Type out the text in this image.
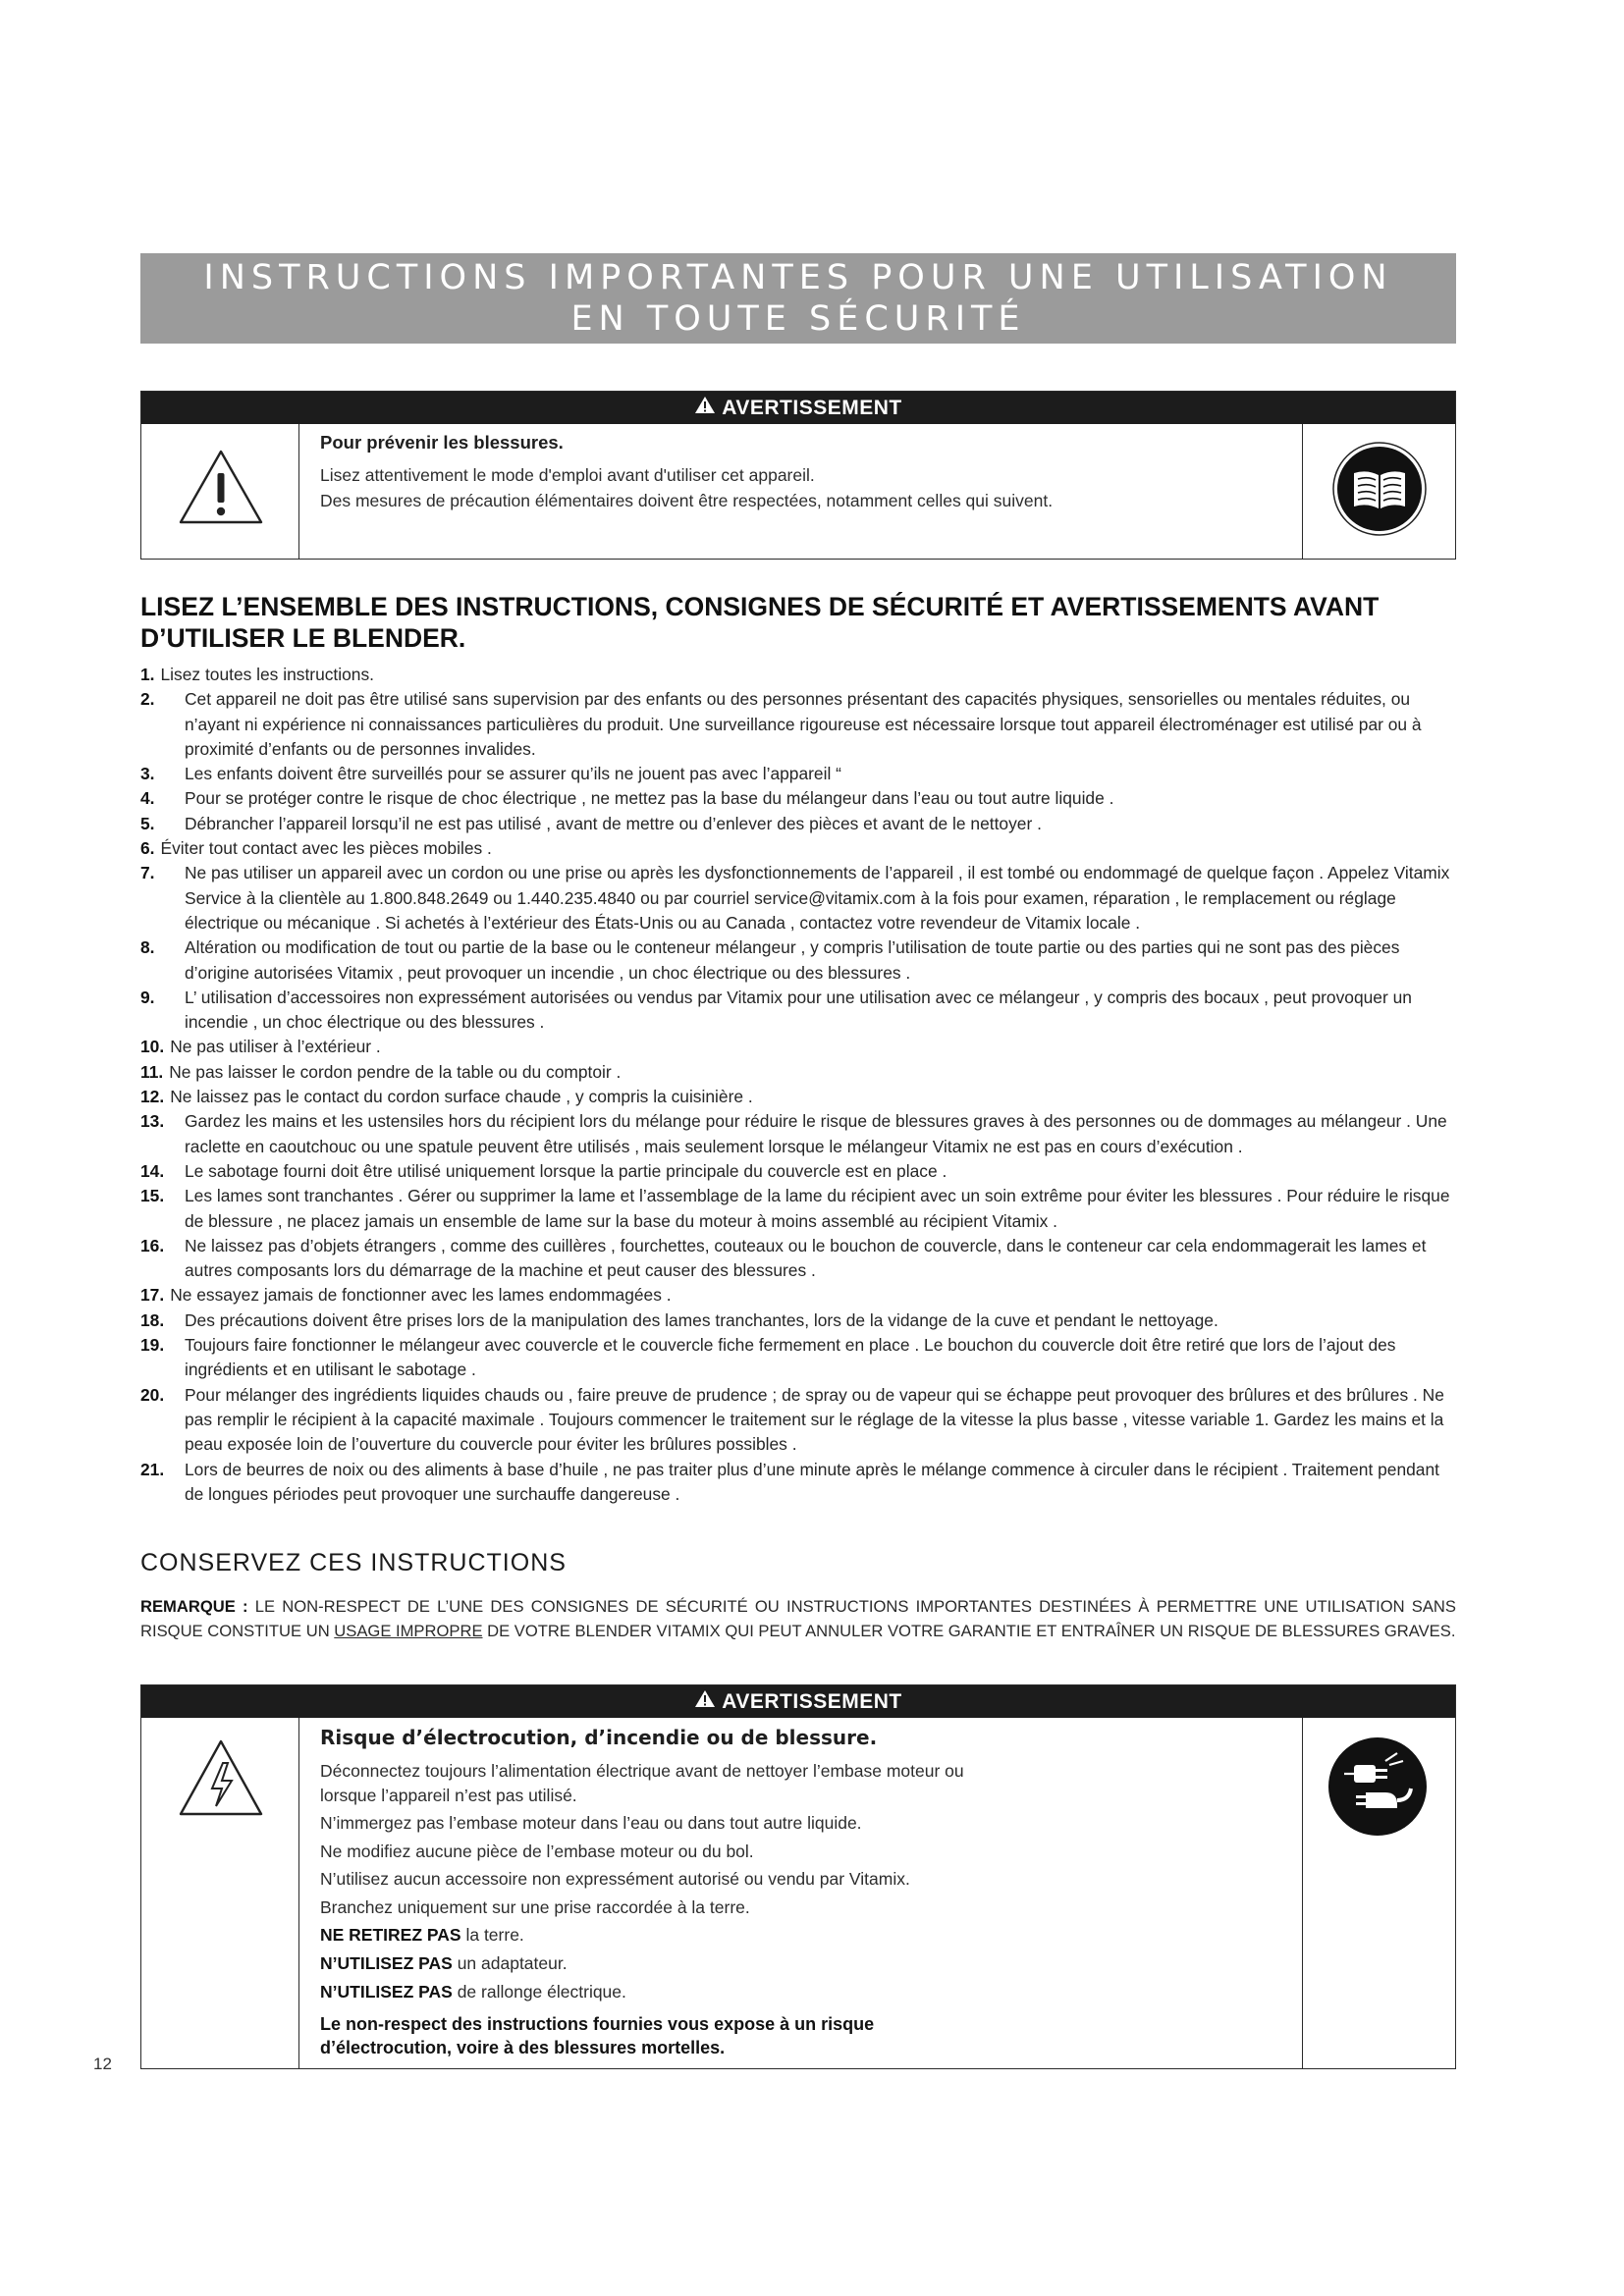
INSTRUCTIONS IMPORTANTES POUR UNE UTILISATION
EN TOUTE SÉCURITÉ
AVERTISSEMENT
Pour prévenir les blessures.
Lisez attentivement le mode d'emploi avant d'utiliser cet appareil.
Des mesures de précaution élémentaires doivent être respectées, notamment celles qui suivent.
LISEZ L’ENSEMBLE DES INSTRUCTIONS, CONSIGNES DE SÉCURITÉ ET AVERTISSEMENTS AVANT D’UTILISER LE BLENDER.
1. Lisez toutes les instructions.
2. Cet appareil ne doit pas être utilisé sans supervision par des enfants ou des personnes présentant des capacités physiques, sensorielles ou mentales réduites, ou n’ayant ni expérience ni connaissances particulières du produit. Une surveillance rigoureuse est nécessaire lorsque tout appareil électroménager est utilisé par ou à proximité d’enfants ou de personnes invalides.
3. Les enfants doivent être surveillés pour se assurer qu’ils ne jouent pas avec l’appareil “
4. Pour se protéger contre le risque de choc électrique , ne mettez pas la base du mélangeur dans l’eau ou tout autre liquide .
5. Débrancher l’appareil lorsqu’il ne est pas utilisé , avant de mettre ou d’enlever des pièces et avant de le nettoyer .
6. Éviter tout contact avec les pièces mobiles .
7. Ne pas utiliser un appareil avec un cordon ou une prise ou après les dysfonctionnements de l’appareil , il est tombé ou endommagé de quelque façon . Appelez Vitamix Service à la clientèle au 1.800.848.2649 ou 1.440.235.4840 ou par courriel service@vitamix.com à la fois pour examen, réparation , le remplacement ou réglage électrique ou mécanique . Si achetés à l’extérieur des États-Unis ou au Canada , contactez votre revendeur de Vitamix locale .
8. Altération ou modification de tout ou partie de la base ou le conteneur mélangeur , y compris l’utilisation de toute partie ou des parties qui ne sont pas des pièces d’origine autorisées Vitamix , peut provoquer un incendie , un choc électrique ou des blessures .
9. L’ utilisation d’accessoires non expressément autorisées ou vendus par Vitamix pour une utilisation avec ce mélangeur , y compris des bocaux , peut provoquer un incendie , un choc électrique ou des blessures .
10. Ne pas utiliser à l’extérieur .
11. Ne pas laisser le cordon pendre de la table ou du comptoir .
12. Ne laissez pas le contact du cordon surface chaude , y compris la cuisinière .
13. Gardez les mains et les ustensiles hors du récipient lors du mélange pour réduire le risque de blessures graves à des personnes ou de dommages au mélangeur . Une raclette en caoutchouc ou une spatule peuvent être utilisés , mais seulement lorsque le mélangeur Vitamix ne est pas en cours d’exécution .
14. Le sabotage fourni doit être utilisé uniquement lorsque la partie principale du couvercle est en place .
15. Les lames sont tranchantes . Gérer ou supprimer la lame et l’assemblage de la lame du récipient avec un soin extrême pour éviter les blessures . Pour réduire le risque de blessure , ne placez jamais un ensemble de lame sur la base du moteur à moins assemblé au récipient Vitamix .
16. Ne laissez pas d’objets étrangers , comme des cuillères , fourchettes, couteaux ou le bouchon de couvercle, dans le conteneur car cela endommagerait les lames et autres composants lors du démarrage de la machine et peut causer des blessures .
17. Ne essayez jamais de fonctionner avec les lames endommagées .
18. Des précautions doivent être prises lors de la manipulation des lames tranchantes, lors de la vidange de la cuve et pendant le nettoyage.
19. Toujours faire fonctionner le mélangeur avec couvercle et le couvercle fiche fermement en place . Le bouchon du couvercle doit être retiré que lors de l’ajout des ingrédients et en utilisant le sabotage .
20. Pour mélanger des ingrédients liquides chauds ou , faire preuve de prudence ; de spray ou de vapeur qui se échappe peut provoquer des brûlures et des brûlures . Ne pas remplir le récipient à la capacité maximale . Toujours commencer le traitement sur le réglage de la vitesse la plus basse , vitesse variable 1. Gardez les mains et la peau exposée loin de l’ouverture du couvercle pour éviter les brûlures possibles .
21. Lors de beurres de noix ou des aliments à base d’huile , ne pas traiter plus d’une minute après le mélange commence à circuler dans le récipient . Traitement pendant de longues périodes peut provoquer une surchauffe dangereuse .
CONSERVEZ CES INSTRUCTIONS
REMARQUE : LE NON-RESPECT DE L’UNE DES CONSIGNES DE SÉCURITÉ OU INSTRUCTIONS IMPORTANTES DESTINÉES À PERMETTRE UNE UTILISATION SANS RISQUE CONSTITUE UN USAGE IMPROPRE DE VOTRE BLENDER VITAMIX QUI PEUT ANNULER VOTRE GARANTIE ET ENTRAÎNER UN RISQUE DE BLESSURES GRAVES.
AVERTISSEMENT
Risque d’électrocution, d’incendie ou de blessure.
Déconnectez toujours l’alimentation électrique avant de nettoyer l’embase moteur ou lorsque l’appareil n’est pas utilisé.
N’immergez pas l’embase moteur dans l’eau ou dans tout autre liquide.
Ne modifiez aucune pièce de l’embase moteur ou du bol.
N’utilisez aucun accessoire non expressément autorisé ou vendu par Vitamix.
Branchez uniquement sur une prise raccordée à la terre.
NE RETIREZ PAS la terre.
N’UTILISEZ PAS un adaptateur.
N’UTILISEZ PAS de rallonge électrique.
Le non-respect des instructions fournies vous expose à un risque d’électrocution, voire à des blessures mortelles.
12
